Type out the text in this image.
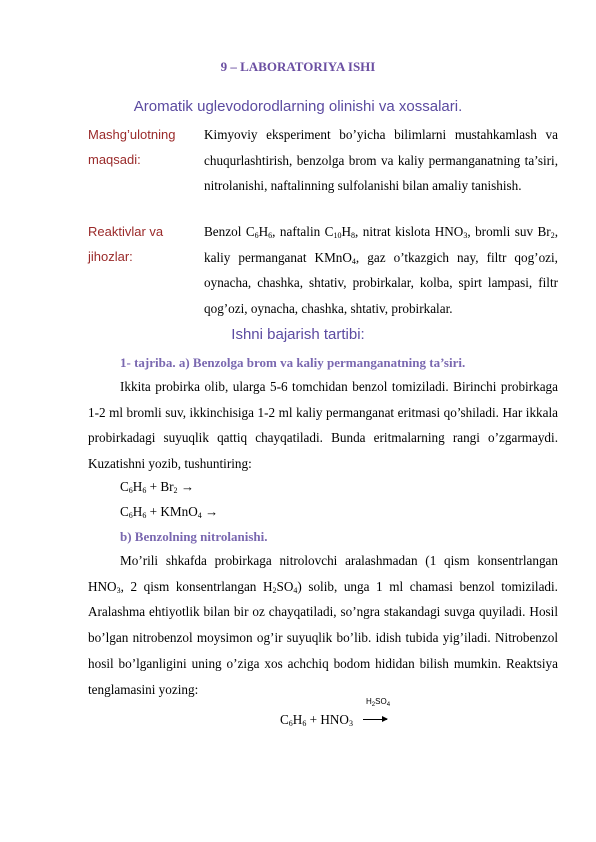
9 – LABORATORIYA ISHI
Aromatik uglevodorodlarning olinishi va xossalari.
Mashg’ulotning
maqsadi:
Kimyoviy eksperiment bo’yicha bilimlarni mustahkamlash va chuqurlashtirish, benzolga brom va kaliy permanganatning ta’siri, nitrolanishi, naftalinning sulfolanishi bilan amaliy tanishish.
Reaktivlar va
jihozlar:
Benzol $C_6H_6$, naftalin $C_{10}H_8$, nitrat kislota $HNO_3$, bromli suv $Br_2$, kaliy permanganat KMnO$_4$, gaz o’tkazgich nay, filtr qog’ozi, oynacha, chashka, shtativ, probirkalar, kolba, spirt lampasi, filtr qog’ozi, oynacha, chashka, shtativ, probirkalar.
Ishni bajarish tartibi:
1- tajriba. a) Benzolga brom va kaliy permanganatning ta’siri.
Ikkita probirka olib, ularga 5-6 tomchidan benzol tomiziladi. Birinchi probirkaga 1-2 ml bromli suv, ikkinchisiga 1-2 ml kaliy permanganat eritmasi qo’shiladi. Har ikkala probirkadagi suyuqlik qattiq chayqatiladi. Bunda eritmalarning rangi o’zgarmaydi. Kuzatishni yozib, tushuntiring:
$C_6H_6 + Br_2$ →
$C_6H_6$ + KMnO$_4$ →
b) Benzolning nitrolanishi.
Mo’rili shkafda probirkaga nitrolovchi aralashmadan (1 qism konsentrlangan $HNO_3$, 2 qism konsentrlangan $H_2SO_4$) solib, unga 1 ml chamasi benzol tomiziladi. Aralashma ehtiyotlik bilan bir oz chayqatiladi, so’ngra stakandagi suvga quyiladi. Hosil bo’lgan nitrobenzol moysimon og’ir suyuqlik bo’lib. idish tubida yig’iladi. Nitrobenzol hosil bo’lganligini uning o’ziga xos achchiq bodom hididan bilish mumkin. Reaktsiya tenglamasini yozing:
$H_2SO_4$
$C_6H_6 + HNO_3$ →
